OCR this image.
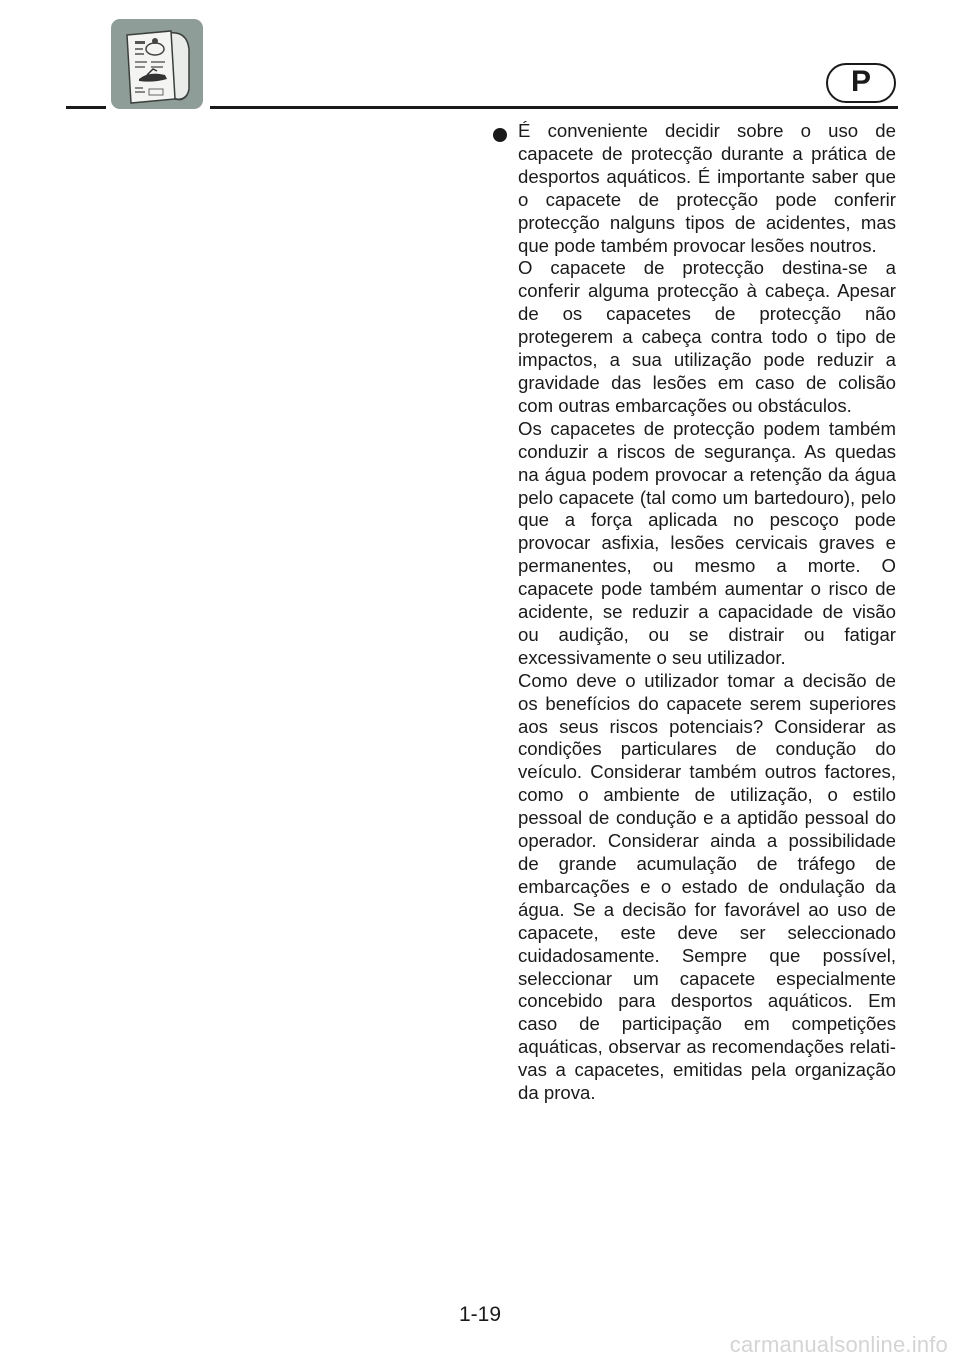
P

É conveniente decidir sobre o uso de capacete de protecção durante a prática de desportos aquáticos. É importante saber que o capacete de protecção pode conferir protecção nalguns tipos de acidentes, mas que pode também provocar lesões noutros.

O capacete de protecção destina-se a conferir alguma protecção à cabeça. Apesar de os capacetes de protecção não protegerem a cabeça contra todo o tipo de impactos, a sua utilização pode reduzir a gravidade das lesões em caso de colisão com outras embarcações ou obstáculos.

Os capacetes de protecção podem também conduzir a riscos de segurança. As quedas na água podem provocar a retenção da água pelo capacete (tal como um bartedouro), pelo que a força aplicada no pescoço pode provocar asfixia, lesões cervicais graves e permanentes, ou mesmo a morte. O capacete pode também aumentar o risco de acidente, se reduzir a capacidade de visão ou audição, ou se distrair ou fatigar excessivamente o seu utilizador.

Como deve o utilizador tomar a decisão de os benefícios do capacete serem superiores aos seus riscos potenciais? Considerar as condições particulares de condução do veículo. Considerar também outros factores, como o ambiente de utilização, o estilo pessoal de condução e a aptidão pessoal do operador. Considerar ainda a possibilidade de grande acumulação de tráfego de embarcações e o estado de ondulação da água. Se a decisão for favorável ao uso de capacete, este deve ser seleccionado cuidadosamente. Sempre que possível, seleccionar um capacete especialmente concebido para desportos aquáticos. Em caso de participação em competições aquáticas, observar as recomendações relativas a capacetes, emitidas pela organização da prova.

1-19
carmanualsonline.info
